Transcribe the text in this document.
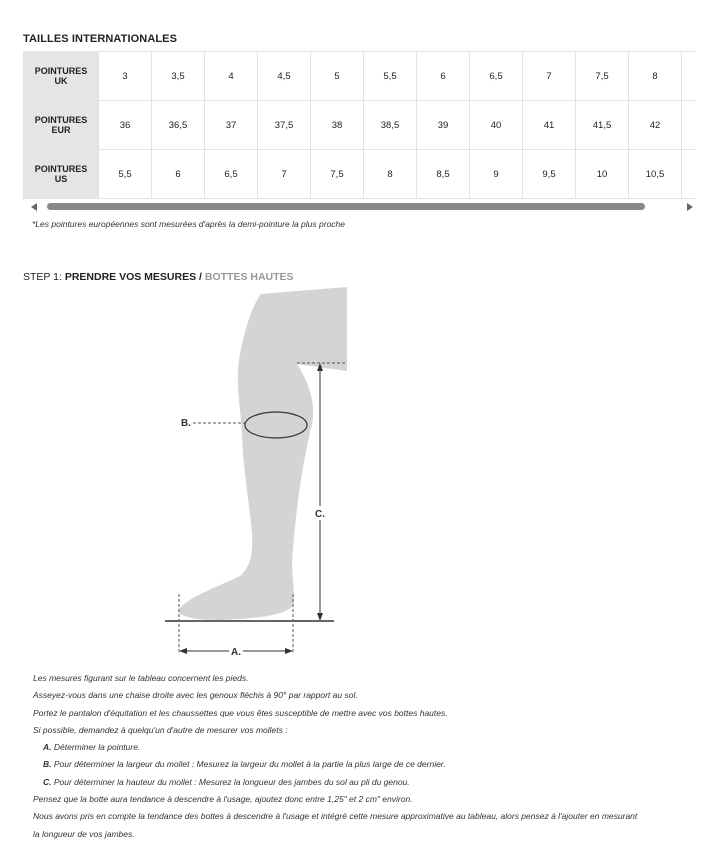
TAILLES INTERNATIONALES
POINTURES
UK	3	3,5	4	4,5	5	5,5	6	6,5	7	7,5	8	
POINTURES
EUR	36	36,5	37	37,5	38	38,5	39	40	41	41,5	42	
POINTURES
US	5,5	6	6,5	7	7,5	8	8,5	9	9,5	10	10,5	
*Les pointures européennes sont mesurées d'après la demi-pointure la plus proche
STEP 1: PRENDRE VOS MESURES / BOTTES HAUTES
B.
C.
A.

Les mesures figurant sur le tableau concernent les pieds.

Asseyez-vous dans une chaise droite avec les genoux fléchis à 90° par rapport au sol.

Portez le pantalon d'équitation et les chaussettes que vous êtes susceptible de mettre avec vos bottes hautes.

Si possible, demandez à quelqu'un d'autre de mesurer vos mollets :

A. Déterminer la pointure.

B. Pour déterminer la largeur du mollet : Mesurez la largeur du mollet à la partie la plus large de ce dernier.

C. Pour déterminer la hauteur du mollet : Mesurez la longueur des jambes du sol au pli du genou.

Pensez que la botte aura tendance à descendre à l'usage, ajoutez donc entre 1,25" et 2 cm" environ.

Nous avons pris en compte la tendance des bottes à descendre à l'usage et intégré cette mesure approximative au tableau, alors pensez à l'ajouter en mesurant

la longueur de vos jambes.
